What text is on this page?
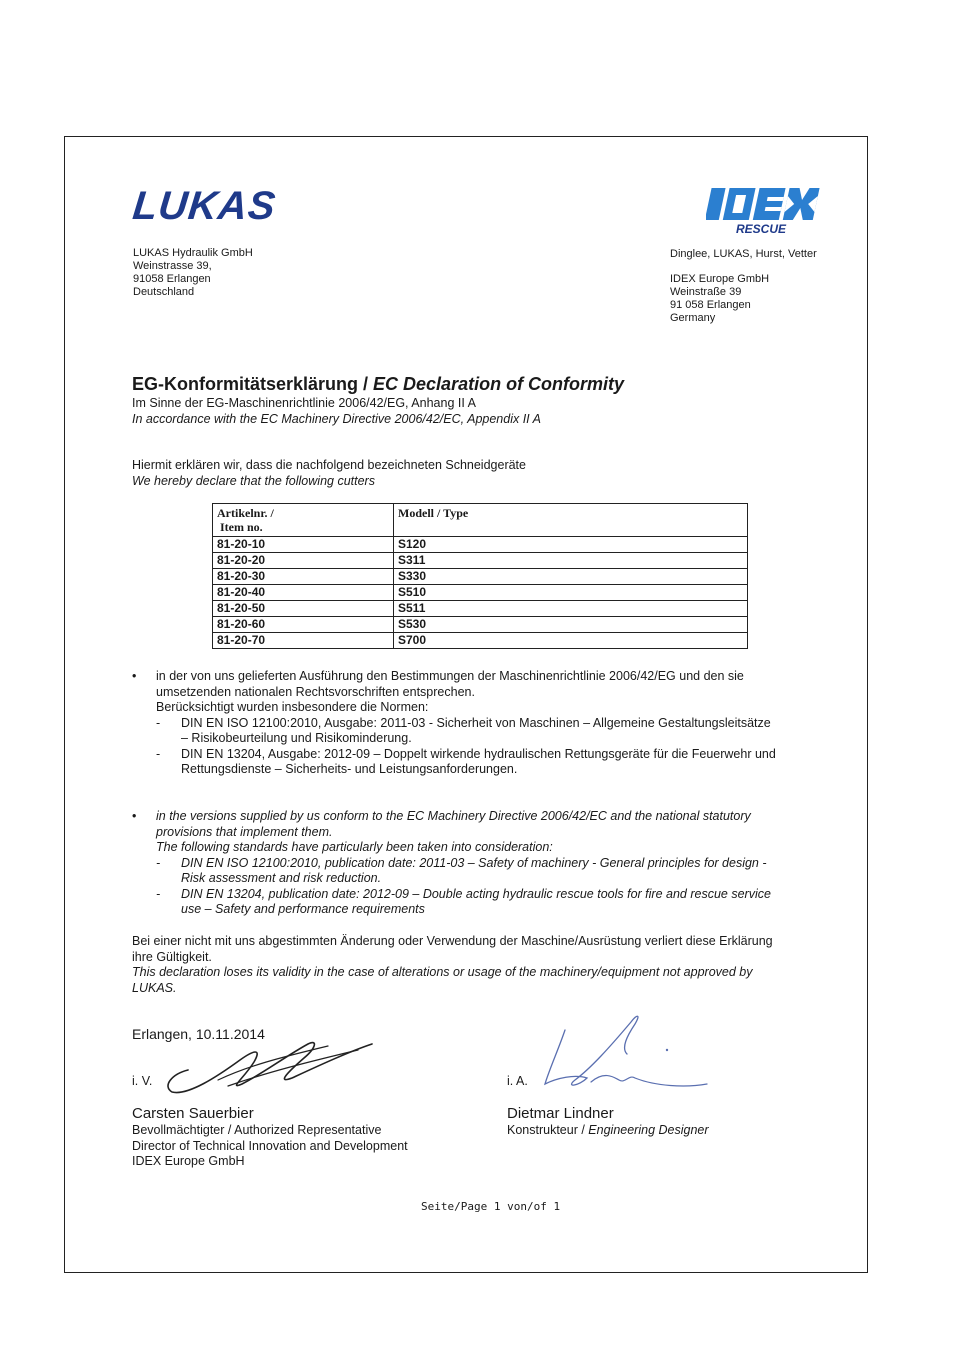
LUKAS
RESCUE
LUKAS Hydraulik GmbH
Weinstrasse 39,
91058 Erlangen
Deutschland
Dinglee, LUKAS, Hurst, Vetter
IDEX Europe GmbH
Weinstraße 39
91 058 Erlangen
Germany
EG-Konformitätserklärung / EC Declaration of Conformity
Im Sinne der EG-Maschinenrichtlinie 2006/42/EG, Anhang II A
In accordance with the EC Machinery Directive 2006/42/EC, Appendix II A
Hiermit erklären wir, dass die nachfolgend bezeichneten Schneidgeräte
We hereby declare that the following cutters
Artikelnr. /
Item no.	Modell / Type
81-20-10	S120
81-20-20	S311
81-20-30	S330
81-20-40	S510
81-20-50	S511
81-20-60	S530
81-20-70	S700
• in der von uns gelieferten Ausführung den Bestimmungen der Maschinenrichtlinie 2006/42/EG und den sie
umsetzenden nationalen Rechtsvorschriften entsprechen.
Berücksichtigt wurden insbesondere die Normen:
- DIN EN ISO 12100:2010, Ausgabe: 2011-03 - Sicherheit von Maschinen – Allgemeine Gestaltungsleitsätze
– Risikobeurteilung und Risikominderung.
- DIN EN 13204, Ausgabe: 2012-09 – Doppelt wirkende hydraulischen Rettungsgeräte für die Feuerwehr und
Rettungsdienste – Sicherheits- und Leistungsanforderungen.
• in the versions supplied by us conform to the EC Machinery Directive 2006/42/EC and the national statutory
provisions that implement them.
The following standards have particularly been taken into consideration:
- DIN EN ISO 12100:2010, publication date: 2011-03 – Safety of machinery - General principles for design -
Risk assessment and risk reduction.
- DIN EN 13204, publication date: 2012-09 – Double acting hydraulic rescue tools for fire and rescue service
use – Safety and performance requirements
Bei einer nicht mit uns abgestimmten Änderung oder Verwendung der Maschine/Ausrüstung verliert diese Erklärung
ihre Gültigkeit.
This declaration loses its validity in the case of alterations or usage of the machinery/equipment not approved by
LUKAS.
Erlangen, 10.11.2014
i. V.	i. A.
Carsten Sauerbier
Bevollmächtigter / Authorized Representative
Director of Technical Innovation and Development
IDEX Europe GmbH
Dietmar Lindner
Konstrukteur / Engineering Designer
Seite/Page 1 von/of 1
